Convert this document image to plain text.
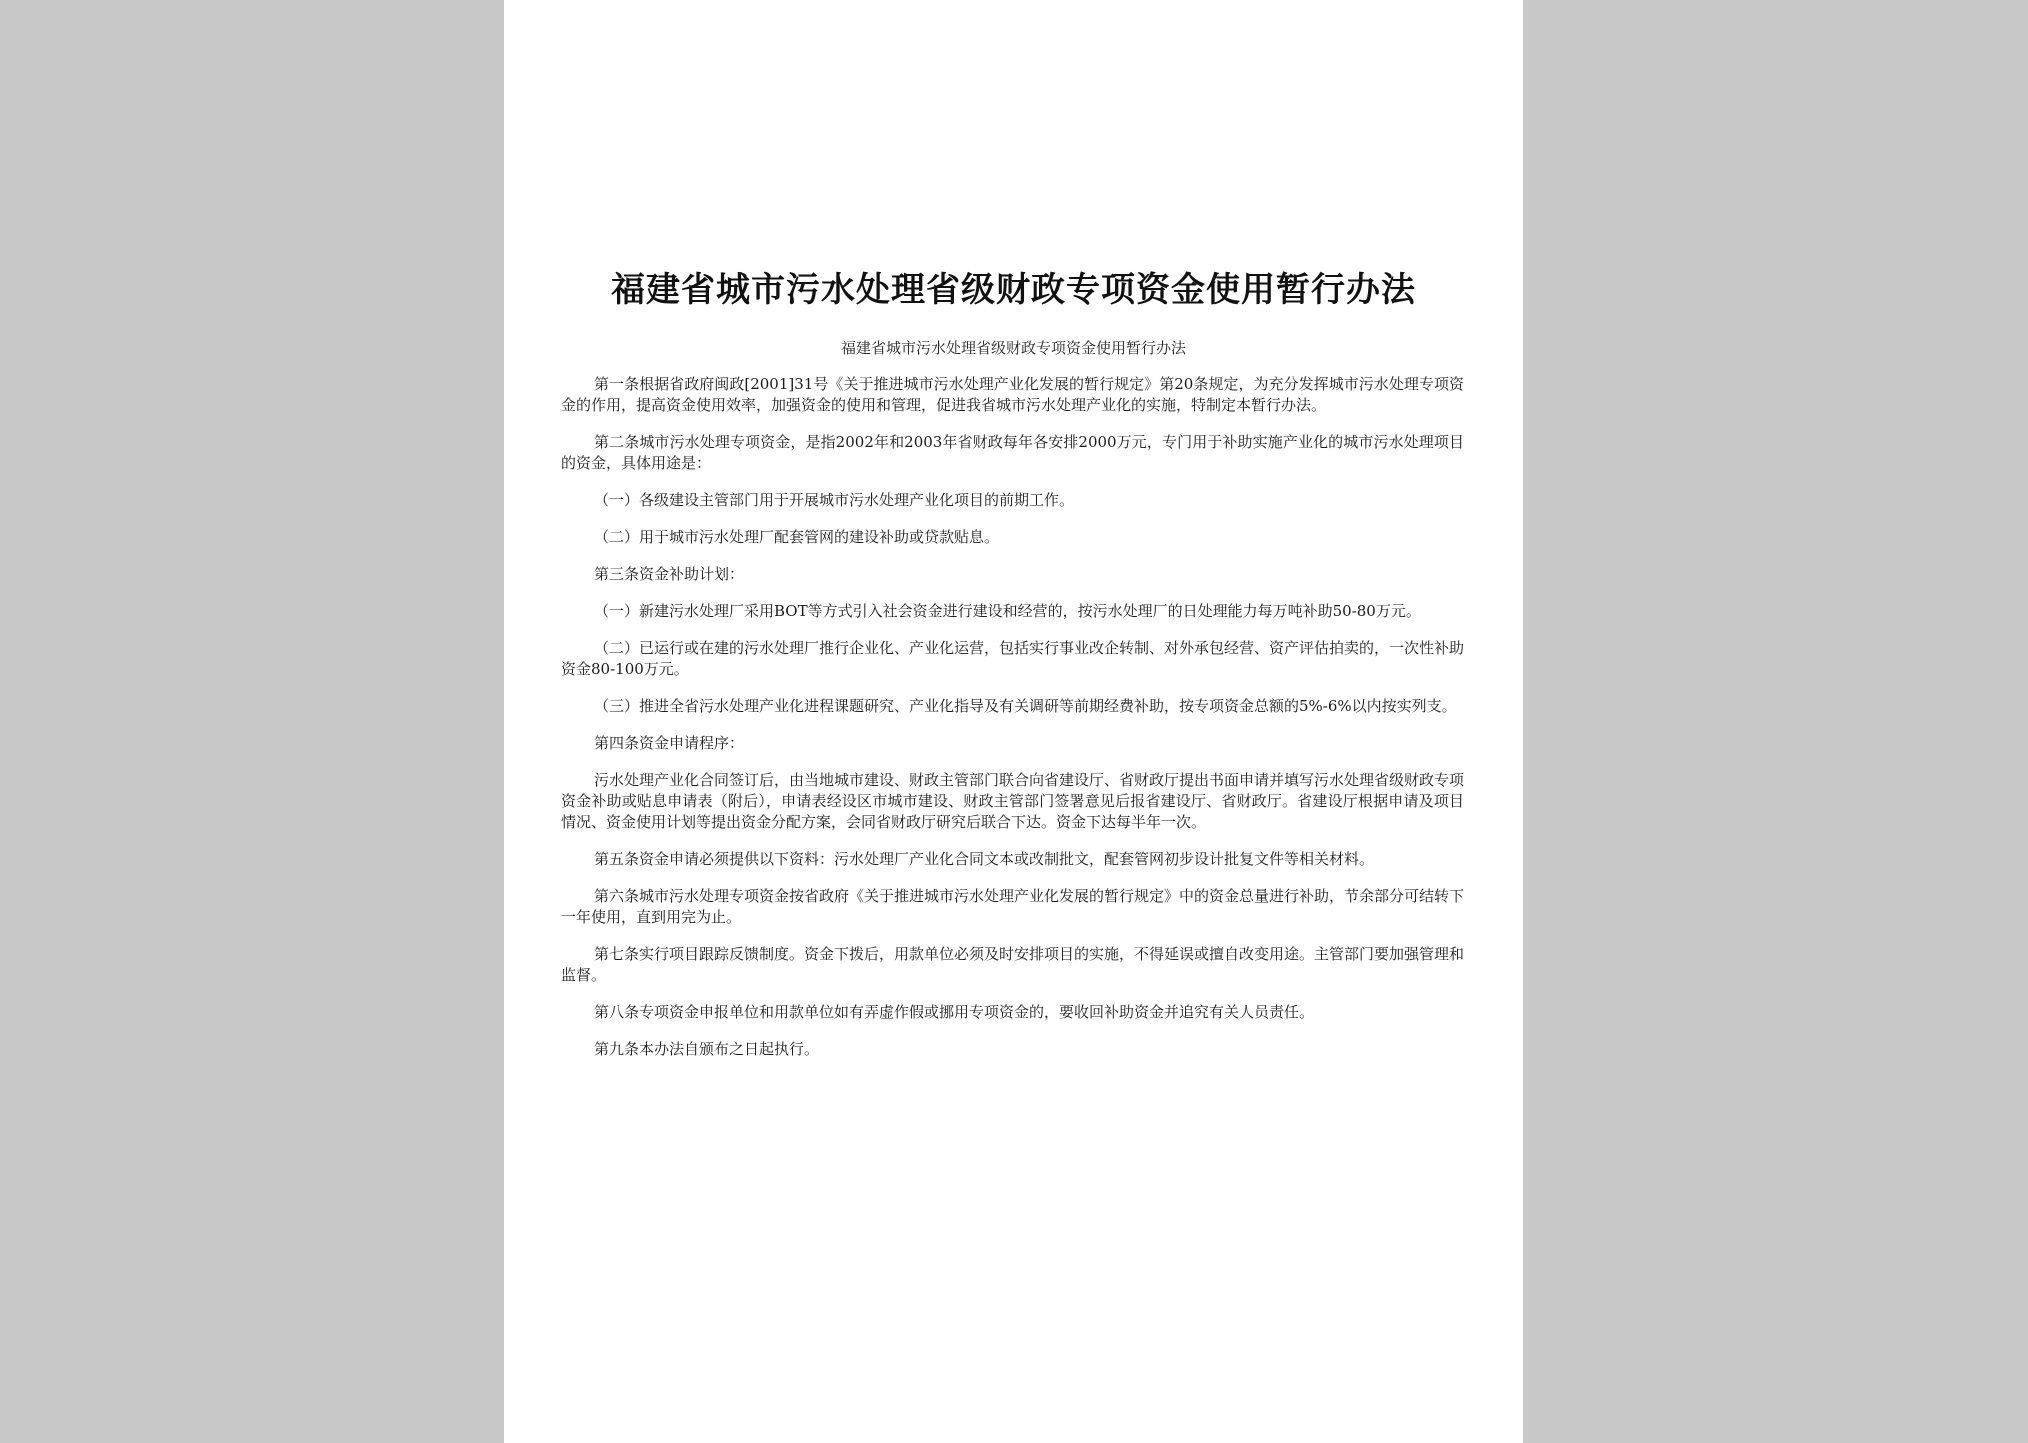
福建省城市污水处理省级财政专项资金使用暂行办法

福建省城市污水处理省级财政专项资金使用暂行办法

第一条根据省政府闽政[2001]31号《关于推进城市污水处理产业化发展的暂行规定》第20条规定，为充分发挥城市污水处理专项资金的作用，提高资金使用效率，加强资金的使用和管理，促进我省城市污水处理产业化的实施，特制定本暂行办法。

第二条城市污水处理专项资金，是指2002年和2003年省财政每年各安排2000万元，专门用于补助实施产业化的城市污水处理项目的资金，具体用途是：

（一）各级建设主管部门用于开展城市污水处理产业化项目的前期工作。

（二）用于城市污水处理厂配套管网的建设补助或贷款贴息。

第三条资金补助计划：

（一）新建污水处理厂采用BOT等方式引入社会资金进行建设和经营的，按污水处理厂的日处理能力每万吨补助50-80万元。

（二）已运行或在建的污水处理厂推行企业化、产业化运营，包括实行事业改企转制、对外承包经营、资产评估拍卖的，一次性补助资金80-100万元。

（三）推进全省污水处理产业化进程课题研究、产业化指导及有关调研等前期经费补助，按专项资金总额的5%-6%以内按实列支。

第四条资金申请程序：

污水处理产业化合同签订后，由当地城市建设、财政主管部门联合向省建设厅、省财政厅提出书面申请并填写污水处理省级财政专项资金补助或贴息申请表（附后），申请表经设区市城市建设、财政主管部门签署意见后报省建设厅、省财政厅。省建设厅根据申请及项目情况、资金使用计划等提出资金分配方案，会同省财政厅研究后联合下达。资金下达每半年一次。

第五条资金申请必须提供以下资料：污水处理厂产业化合同文本或改制批文，配套管网初步设计批复文件等相关材料。

第六条城市污水处理专项资金按省政府《关于推进城市污水处理产业化发展的暂行规定》中的资金总量进行补助，节余部分可结转下一年使用，直到用完为止。

第七条实行项目跟踪反馈制度。资金下拨后，用款单位必须及时安排项目的实施，不得延误或擅自改变用途。主管部门要加强管理和监督。

第八条专项资金申报单位和用款单位如有弄虚作假或挪用专项资金的，要收回补助资金并追究有关人员责任。

第九条本办法自颁布之日起执行。
